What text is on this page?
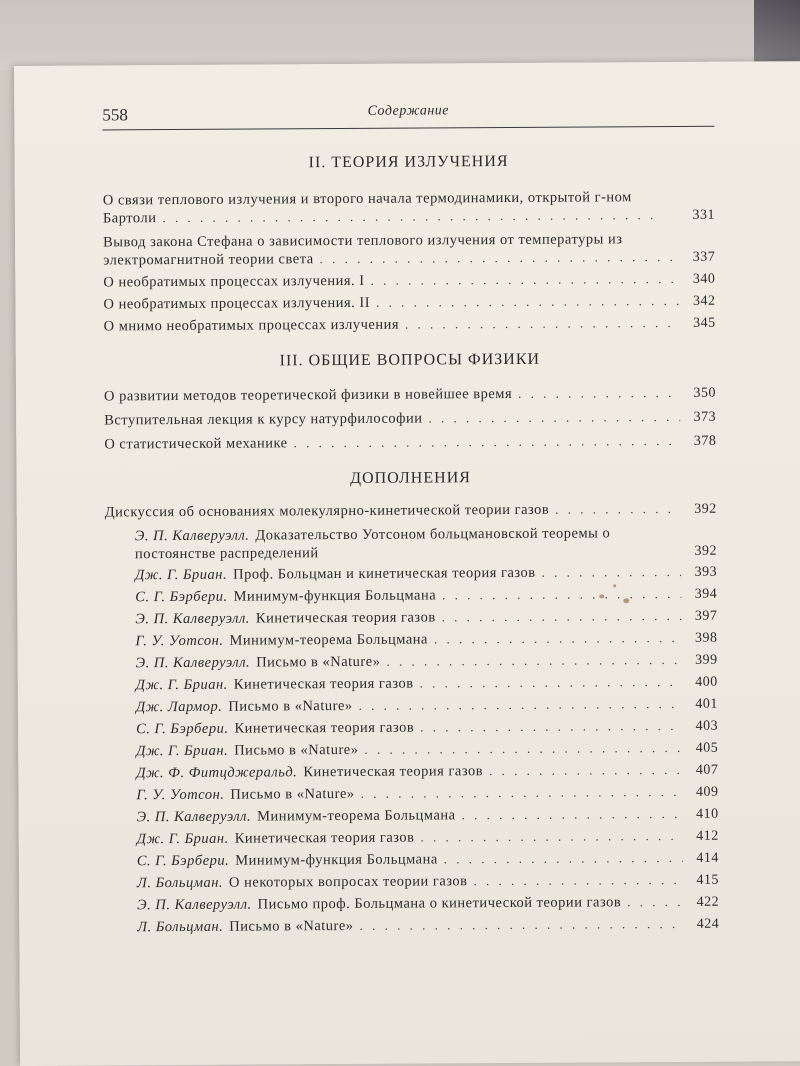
558	Содержание
II. ТЕОРИЯ ИЗЛУЧЕНИЯ
О связи теплового излучения и второго начала термодинамики, открытой г-ном
Бартоли . . .	331
Вывод закона Стефана о зависимости теплового излучения от температуры из
электромагнитной теории света . . .	337
О необратимых процессах излучения. I . . .	340
О необратимых процессах излучения. II . . .	342
О мнимо необратимых процессах излучения . . .	345
III. ОБЩИЕ ВОПРОСЫ ФИЗИКИ
О развитии методов теоретической физики в новейшее время . . .	350
Вступительная лекция к курсу натурфилософии . . .	373
О статистической механике . . .	378
ДОПОЛНЕНИЯ
Дискуссия об основаниях молекулярно-кинетической теории газов . . .	392
Э. П. Калверуэлл. Доказательство Уотсоном больцмановской теоремы о
постоянстве распределений	392
Дж. Г. Бриан. Проф. Больцман и кинетическая теория газов . . .	393
С. Г. Бэрбери. Минимум-функция Больцмана . . .	394
Э. П. Калверуэлл. Кинетическая теория газов . . .	397
Г. У. Уотсон. Минимум-теорема Больцмана . . .	398
Э. П. Калверуэлл. Письмо в «Nature» . . .	399
Дж. Г. Бриан. Кинетическая теория газов . . .	400
Дж. Лармор. Письмо в «Nature» . . .	401
С. Г. Бэрбери. Кинетическая теория газов . . .	403
Дж. Г. Бриан. Письмо в «Nature» . . .	405
Дж. Ф. Фитцджеральд. Кинетическая теория газов . . .	407
Г. У. Уотсон. Письмо в «Nature» . . .	409
Э. П. Калверуэлл. Минимум-теорема Больцмана . . .	410
Дж. Г. Бриан. Кинетическая теория газов . . .	412
С. Г. Бэрбери. Минимум-функция Больцмана . . .	414
Л. Больцман. О некоторых вопросах теории газов . . .	415
Э. П. Калверуэлл. Письмо проф. Больцмана о кинетической теории газов . . .	422
Л. Больцман. Письмо в «Nature» . . .	424
